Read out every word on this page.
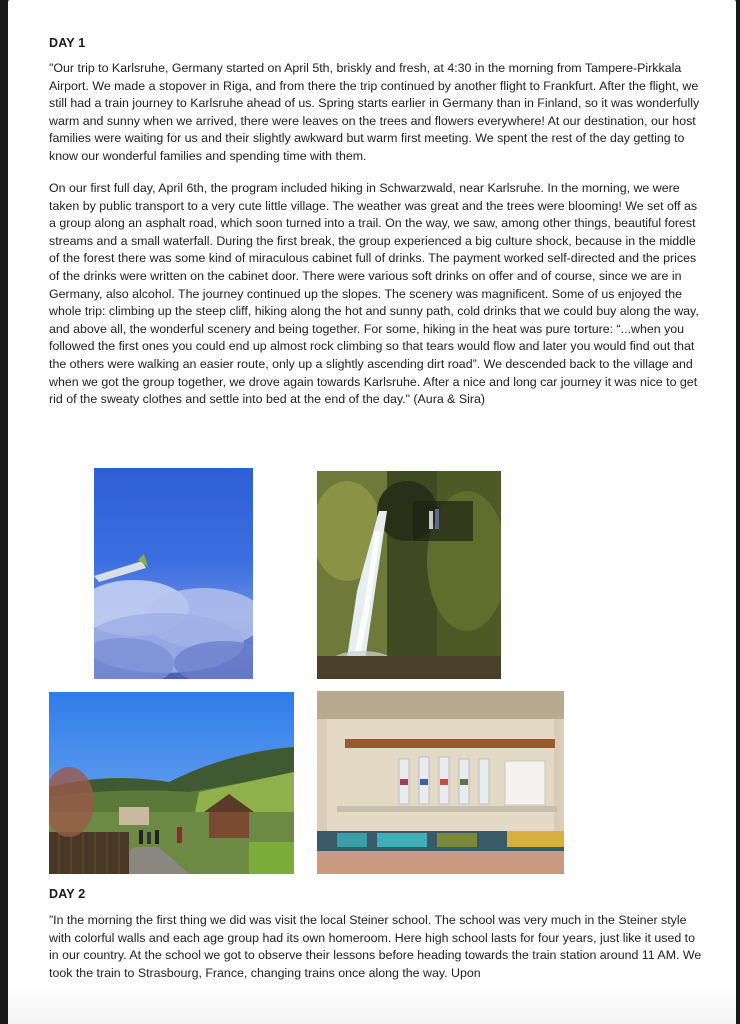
DAY 1

"Our trip to Karlsruhe, Germany started on April 5th, briskly and fresh, at 4:30 in the morning from Tampere-Pirkkala Airport. We made a stopover in Riga, and from there the trip continued by another flight to Frankfurt. After the flight, we still had a train journey to Karlsruhe ahead of us. Spring starts earlier in Germany than in Finland, so it was wonderfully warm and sunny when we arrived, there were leaves on the trees and flowers everywhere! At our destination, our host families were waiting for us and their slightly awkward but warm first meeting. We spent the rest of the day getting to know our wonderful families and spending time with them.

On our first full day, April 6th, the program included hiking in Schwarzwald, near Karlsruhe. In the morning, we were taken by public transport to a very cute little village. The weather was great and the trees were blooming! We set off as a group along an asphalt road, which soon turned into a trail. On the way, we saw, among other things, beautiful forest streams and a small waterfall. During the first break, the group experienced a big culture shock, because in the middle of the forest there was some kind of miraculous cabinet full of drinks. The payment worked self-directed and the prices of the drinks were written on the cabinet door. There were various soft drinks on offer and of course, since we are in Germany, also alcohol. The journey continued up the slopes. The scenery was magnificent. Some of us enjoyed the whole trip: climbing up the steep cliff, hiking along the hot and sunny path, cold drinks that we could buy along the way, and above all, the wonderful scenery and being together. For some, hiking in the heat was pure torture: “...when you followed the first ones you could end up almost rock climbing so that tears would flow and later you would find out that the others were walking an easier route, only up a slightly ascending dirt road”. We descended back to the village and when we got the group together, we drove again towards Karlsruhe. After a nice and long car journey it was nice to get rid of the sweaty clothes and settle into bed at the end of the day." (Aura & Sira)

DAY 2

”In the morning the first thing we did was visit the local Steiner school. The school was very much in the Steiner style with colorful walls and each age group had its own homeroom. Here high school lasts for four years, just like it used to in our country. At the school we got to observe their lessons before heading towards the train station around 11 AM. We took the train to Strasbourg, France, changing trains once along the way. Upon
